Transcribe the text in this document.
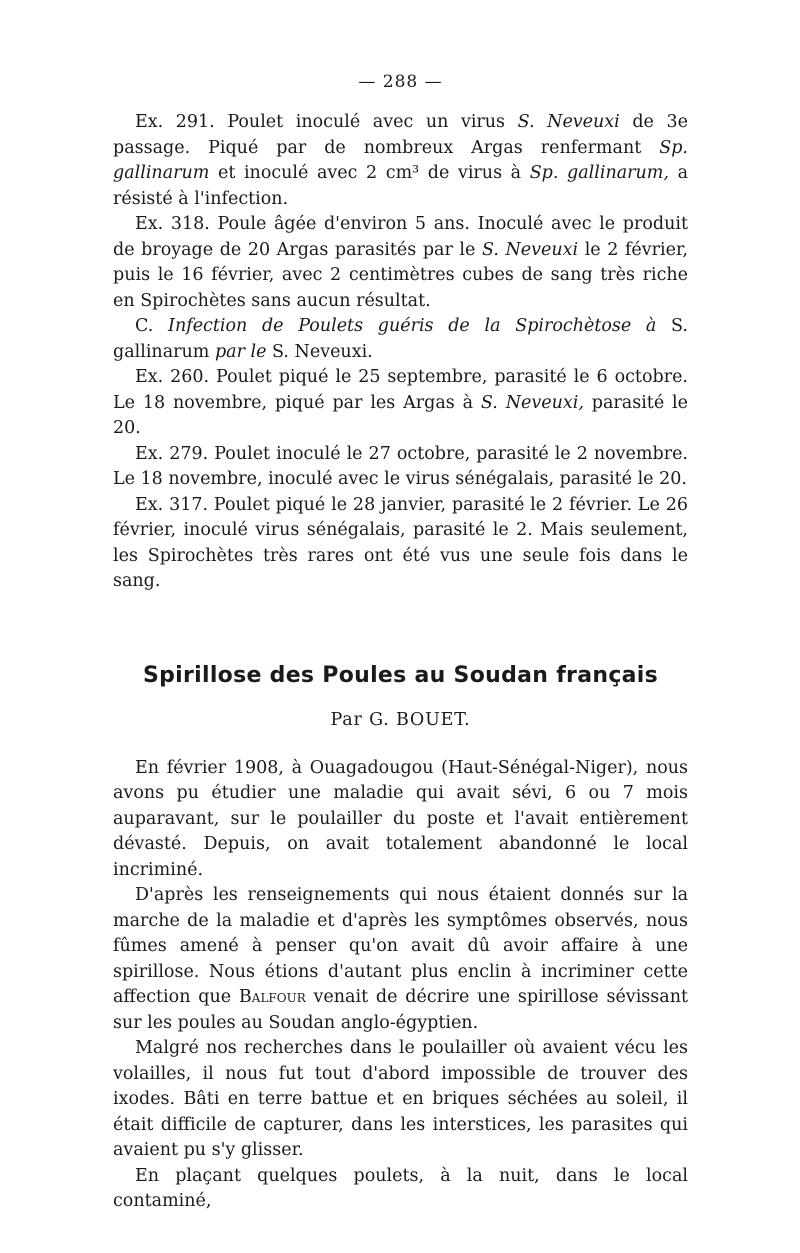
— 288 —

Ex. 291. Poulet inoculé avec un virus S. Neveuxi de 3e passage. Piqué par de nombreux Argas renfermant Sp. gallinarum et inoculé avec 2 cm³ de virus à Sp. gallinarum, a résisté à l'infection.

Ex. 318. Poule âgée d'environ 5 ans. Inoculé avec le produit de broyage de 20 Argas parasités par le S. Neveuxi le 2 février, puis le 16 février, avec 2 centimètres cubes de sang très riche en Spirochètes sans aucun résultat.

C. Infection de Poulets guéris de la Spirochètose à S. gallinarum par le S. Neveuxi.

Ex. 260. Poulet piqué le 25 septembre, parasité le 6 octobre. Le 18 novembre, piqué par les Argas à S. Neveuxi, parasité le 20.

Ex. 279. Poulet inoculé le 27 octobre, parasité le 2 novembre. Le 18 novembre, inoculé avec le virus sénégalais, parasité le 20.

Ex. 317. Poulet piqué le 28 janvier, parasité le 2 février. Le 26 février, inoculé virus sénégalais, parasité le 2. Mais seulement, les Spirochètes très rares ont été vus une seule fois dans le sang.

Spirillose des Poules au Soudan français
Par G. BOUET.

En février 1908, à Ouagadougou (Haut-Sénégal-Niger), nous avons pu étudier une maladie qui avait sévi, 6 ou 7 mois auparavant, sur le poulailler du poste et l'avait entièrement dévasté. Depuis, on avait totalement abandonné le local incriminé.

D'après les renseignements qui nous étaient donnés sur la marche de la maladie et d'après les symptômes observés, nous fûmes amené à penser qu'on avait dû avoir affaire à une spirillose. Nous étions d'autant plus enclin à incriminer cette affection que Balfour venait de décrire une spirillose sévissant sur les poules au Soudan anglo-égyptien.

Malgré nos recherches dans le poulailler où avaient vécu les volailles, il nous fut tout d'abord impossible de trouver des ixodes. Bâti en terre battue et en briques séchées au soleil, il était difficile de capturer, dans les interstices, les parasites qui avaient pu s'y glisser.

En plaçant quelques poulets, à la nuit, dans le local contaminé,
